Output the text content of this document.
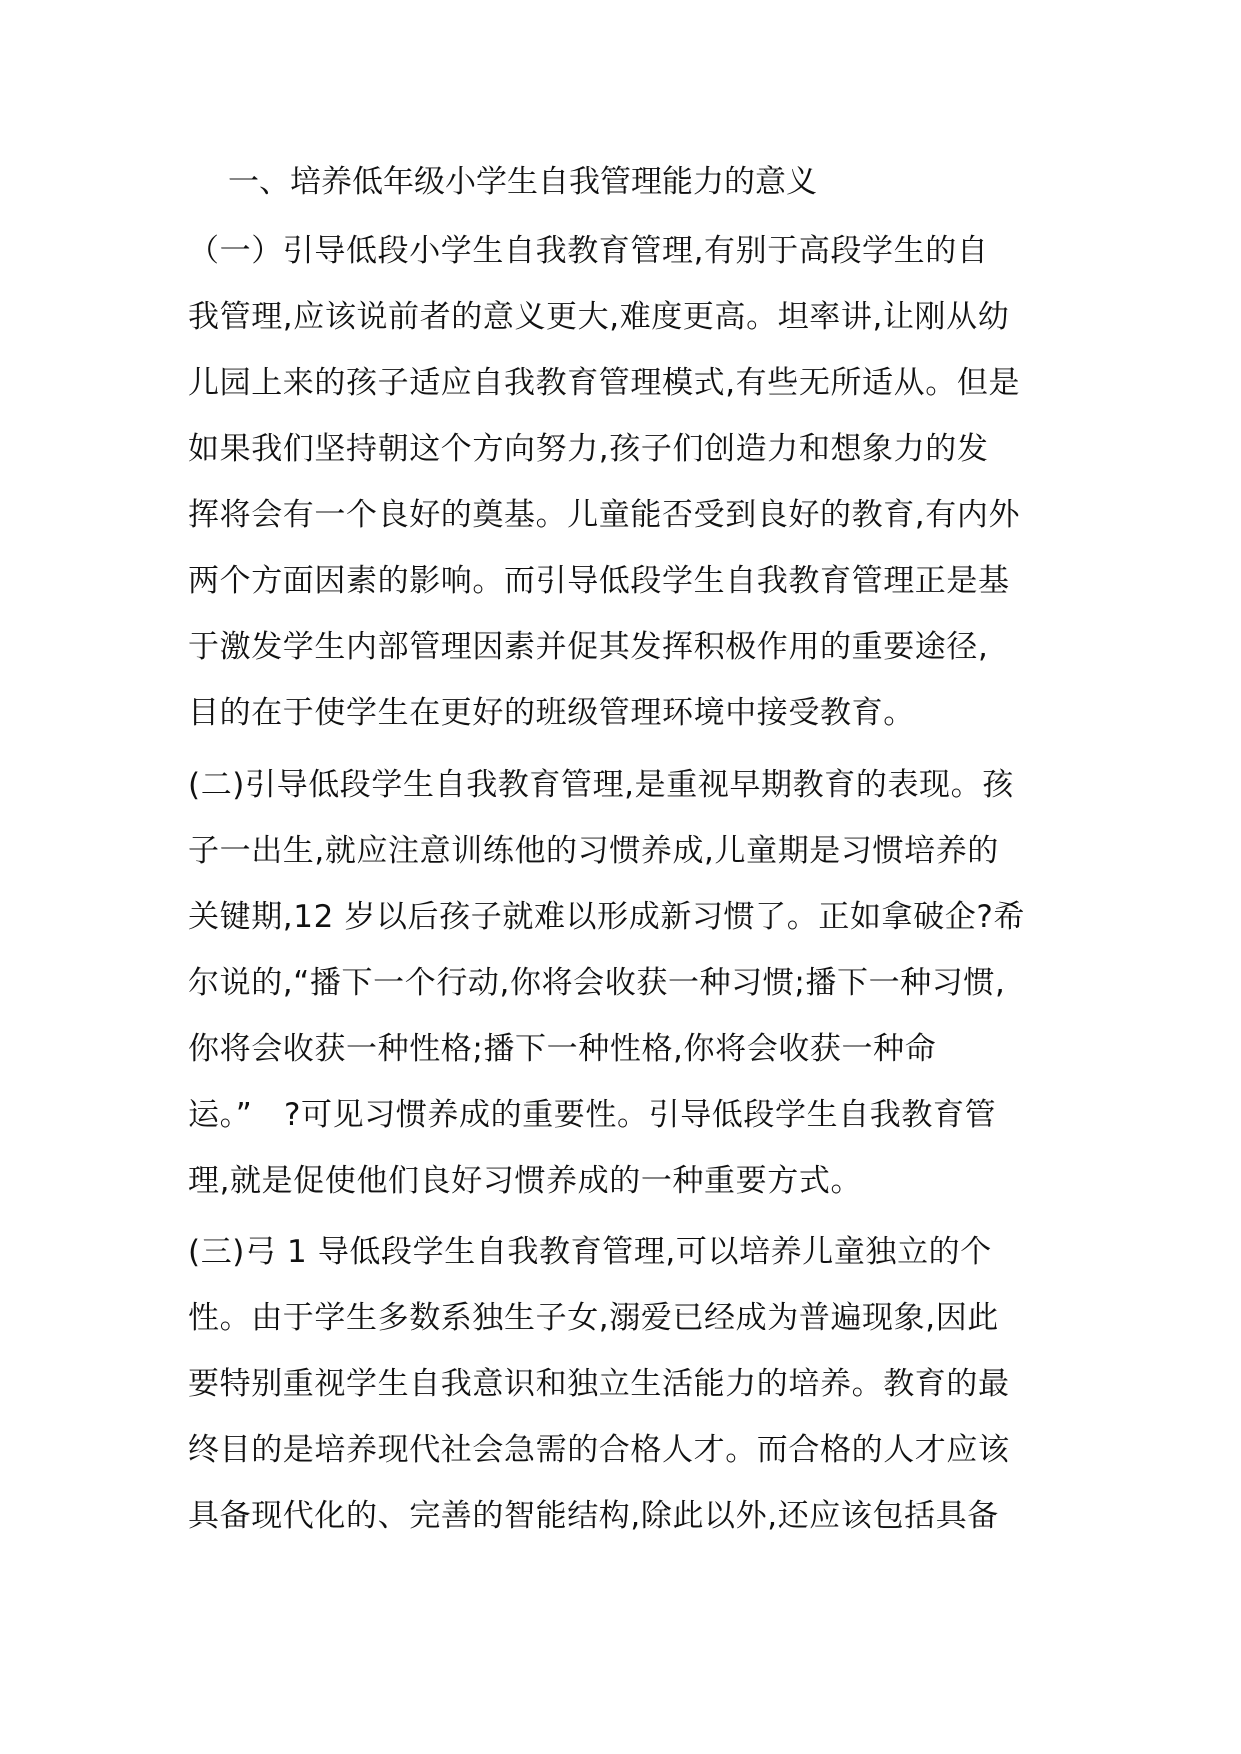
一、培养低年级小学生自我管理能力的意义
（一）引导低段小学生自我教育管理,有别于高段学生的自
我管理,应该说前者的意义更大,难度更高。坦率讲,让刚从幼
儿园上来的孩子适应自我教育管理模式,有些无所适从。但是
如果我们坚持朝这个方向努力,孩子们创造力和想象力的发
挥将会有一个良好的奠基。儿童能否受到良好的教育,有内外
两个方面因素的影响。而引导低段学生自我教育管理正是基
于激发学生内部管理因素并促其发挥积极作用的重要途径,
目的在于使学生在更好的班级管理环境中接受教育。
(二)引导低段学生自我教育管理,是重视早期教育的表现。孩
子一出生,就应注意训练他的习惯养成,儿童期是习惯培养的
关键期,12 岁以后孩子就难以形成新习惯了。正如拿破企?希
尔说的,“播下一个行动,你将会收获一种习惯;播下一种习惯,
你将会收获一种性格;播下一种性格,你将会收获一种命
运。”　?可见习惯养成的重要性。引导低段学生自我教育管
理,就是促使他们良好习惯养成的一种重要方式。
(三)弓 1 导低段学生自我教育管理,可以培养儿童独立的个
性。由于学生多数系独生子女,溺爱已经成为普遍现象,因此
要特别重视学生自我意识和独立生活能力的培养。教育的最
终目的是培养现代社会急需的合格人才。而合格的人才应该
具备现代化的、完善的智能结构,除此以外,还应该包括具备
